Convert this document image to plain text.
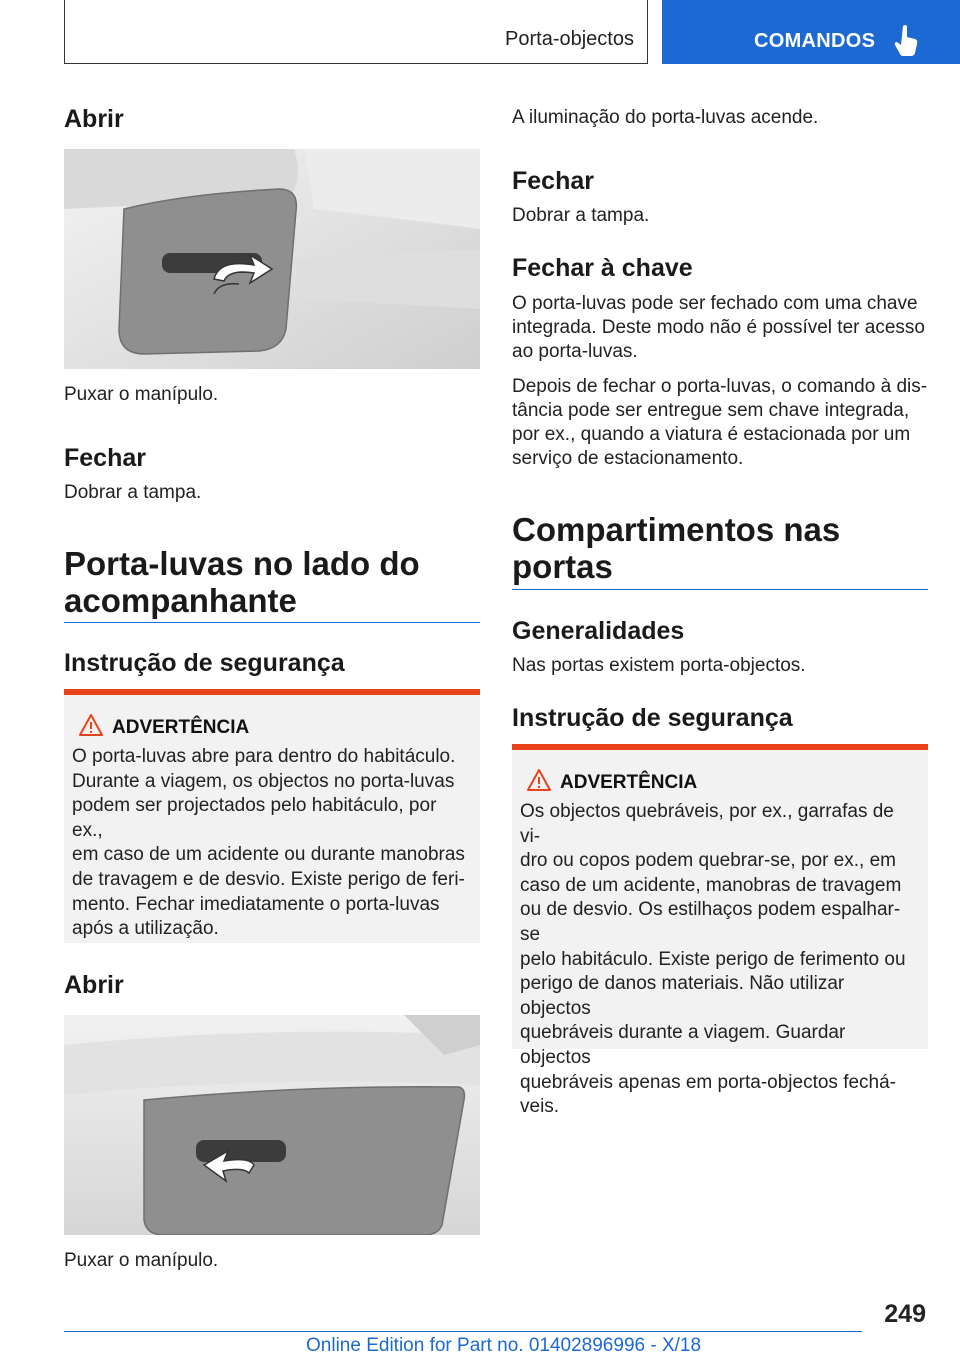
Porta-objectos	COMANDOS
Abrir

Puxar o manípulo.

Fechar

Dobrar a tampa.

Porta-luvas no lado do
acompanhante
Instrução de segurança
ADVERTÊNCIA
O porta-luvas abre para dentro do habitáculo.
Durante a viagem, os objectos no porta-luvas
podem ser projectados pelo habitáculo, por ex.,
em caso de um acidente ou durante manobras
de travagem e de desvio. Existe perigo de feri-
mento. Fechar imediatamente o porta-luvas
após a utilização.
Abrir

Puxar o manípulo.

A iluminação do porta-luvas acende.

Fechar

Dobrar a tampa.

Fechar à chave
O porta-luvas pode ser fechado com uma chave
integrada. Deste modo não é possível ter acesso
ao porta-luvas.
Depois de fechar o porta-luvas, o comando à dis-
tância pode ser entregue sem chave integrada,
por ex., quando a viatura é estacionada por um
serviço de estacionamento.
Compartimentos nas
portas
Generalidades

Nas portas existem porta-objectos.

Instrução de segurança
ADVERTÊNCIA
Os objectos quebráveis, por ex., garrafas de vi-
dro ou copos podem quebrar-se, por ex., em
caso de um acidente, manobras de travagem
ou de desvio. Os estilhaços podem espalhar-se
pelo habitáculo. Existe perigo de ferimento ou
perigo de danos materiais. Não utilizar objectos
quebráveis durante a viagem. Guardar objectos
quebráveis apenas em porta-objectos fechá-
veis.
249
Online Edition for Part no. 01402896996 - X/18
